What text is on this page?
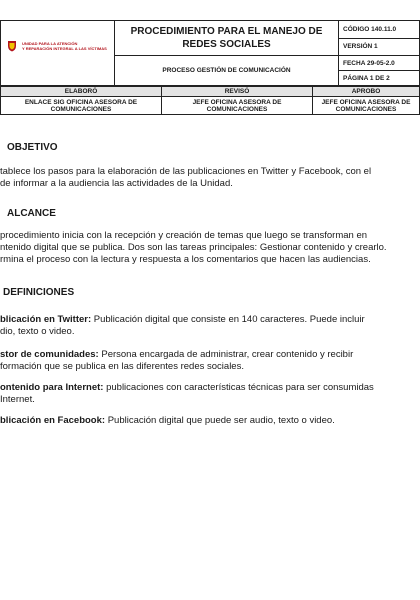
UNIDAD PARA LA ATENCIÓN
Y REPARACIÓN INTEGRAL A LAS VÍCTIMAS	PROCEDIMIENTO PARA EL MANEJO DE REDES SOCIALES	CÓDIGO 140.11.0
		VERSIÓN 1
	PROCESO GESTIÓN DE COMUNICACIÓN	FECHA 29-05-2.0
		PÁGINA 1 DE 2
ELABORÓ	REVISÓ	APROBO
ENLACE SIG OFICINA ASESORA DE COMUNICACIONES	JEFE OFICINA ASESORA DE COMUNICACIONES	JEFE OFICINA ASESORA DE COMUNICACIONES
OBJETIVO

tablece los pasos para la elaboración de las publicaciones en Twitter y Facebook, con el

de informar a la audiencia las actividades de la Unidad.

ALCANCE

procedimiento inicia con la recepción y creación de temas que luego se transforman en

ntenido digital que se publica. Dos son las tareas principales: Gestionar contenido y crearlo.

rmina el proceso con la lectura y respuesta a los comentarios que hacen las audiencias.

DEFINICIONES

blicación en Twitter: Publicación digital que consiste en 140 caracteres. Puede incluir

dio, texto o video.

stor de comunidades: Persona encargada de administrar, crear contenido y recibir

formación que se publica en las diferentes redes sociales.

ontenido para Internet: publicaciones con características técnicas para ser consumidas

Internet.

blicación en Facebook: Publicación digital que puede ser audio, texto o video.
